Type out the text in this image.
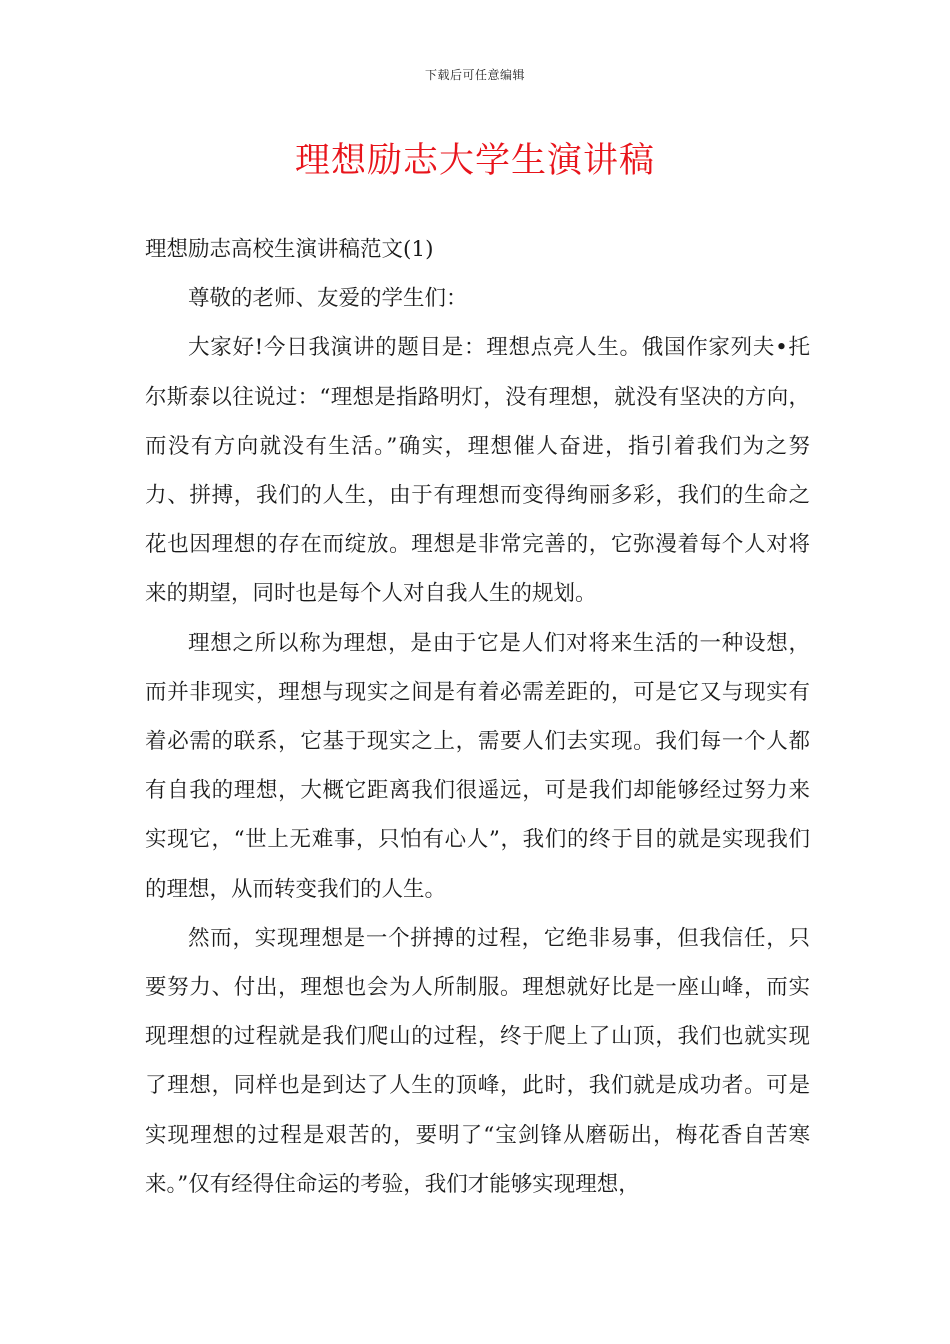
下载后可任意编辑
理想励志大学生演讲稿

理想励志高校生演讲稿范文(1)

尊敬的老师、友爱的学生们：

大家好!今日我演讲的题目是：理想点亮人生。俄国作家列夫•托尔斯泰以往说过：“理想是指路明灯，没有理想，就没有坚决的方向，而没有方向就没有生活。”确实，理想催人奋进，指引着我们为之努力、拼搏，我们的人生，由于有理想而变得绚丽多彩，我们的生命之花也因理想的存在而绽放。理想是非常完善的，它弥漫着每个人对将来的期望，同时也是每个人对自我人生的规划。

理想之所以称为理想，是由于它是人们对将来生活的一种设想，而并非现实，理想与现实之间是有着必需差距的，可是它又与现实有着必需的联系，它基于现实之上，需要人们去实现。我们每一个人都有自我的理想，大概它距离我们很遥远，可是我们却能够经过努力来实现它，“世上无难事，只怕有心人”，我们的终于目的就是实现我们的理想，从而转变我们的人生。

然而，实现理想是一个拼搏的过程，它绝非易事，但我信任，只要努力、付出，理想也会为人所制服。理想就好比是一座山峰，而实现理想的过程就是我们爬山的过程，终于爬上了山顶，我们也就实现了理想，同样也是到达了人生的顶峰，此时，我们就是成功者。可是实现理想的过程是艰苦的，要明了“宝剑锋从磨砺出，梅花香自苦寒来。”仅有经得住命运的考验，我们才能够实现理想，
